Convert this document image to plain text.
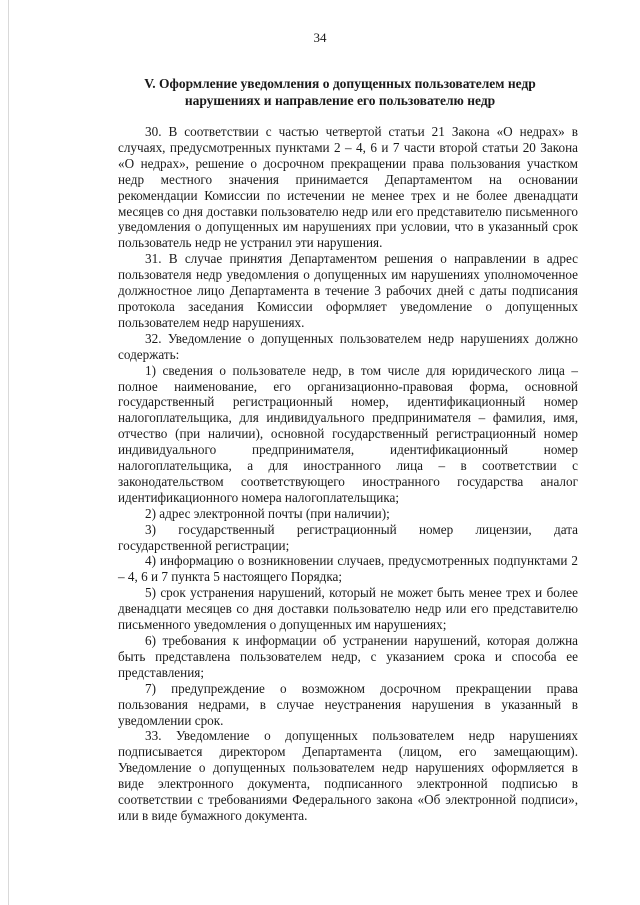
34
V. Оформление уведомления о допущенных пользователем недр
нарушениях и направление его пользователю недр

30. В соответствии с частью четвертой статьи 21 Закона «О недрах» в случаях, предусмотренных пунктами 2 – 4, 6 и 7 части второй статьи 20 Закона «О недрах», решение о досрочном прекращении права пользования участком недр местного значения принимается Департаментом на основании рекомендации Комиссии по истечении не менее трех и не более двенадцати месяцев со дня доставки пользователю недр или его представителю письменного уведомления о допущенных им нарушениях при условии, что в указанный срок пользователь недр не устранил эти нарушения.

31. В случае принятия Департаментом решения о направлении в адрес пользователя недр уведомления о допущенных им нарушениях уполномоченное должностное лицо Департамента в течение 3 рабочих дней с даты подписания протокола заседания Комиссии оформляет уведомление о допущенных пользователем недр нарушениях.

32. Уведомление о допущенных пользователем недр нарушениях должно содержать:

1) сведения о пользователе недр, в том числе для юридического лица – полное наименование, его организационно-правовая форма, основной государственный регистрационный номер, идентификационный номер налогоплательщика, для индивидуального предпринимателя – фамилия, имя, отчество (при наличии), основной государственный регистрационный номер индивидуального предпринимателя, идентификационный номер налогоплательщика, а для иностранного лица – в соответствии с законодательством соответствующего иностранного государства аналог идентификационного номера налогоплательщика;

2) адрес электронной почты (при наличии);

3) государственный регистрационный номер лицензии, дата государственной регистрации;

4) информацию о возникновении случаев, предусмотренных подпунктами 2 – 4, 6 и 7 пункта 5 настоящего Порядка;

5) срок устранения нарушений, который не может быть менее трех и более двенадцати месяцев со дня доставки пользователю недр или его представителю письменного уведомления о допущенных им нарушениях;

6) требования к информации об устранении нарушений, которая должна быть представлена пользователем недр, с указанием срока и способа ее представления;

7) предупреждение о возможном досрочном прекращении права пользования недрами, в случае неустранения нарушения в указанный в уведомлении срок.

33. Уведомление о допущенных пользователем недр нарушениях подписывается директором Департамента (лицом, его замещающим). Уведомление о допущенных пользователем недр нарушениях оформляется в виде электронного документа, подписанного электронной подписью в соответствии с требованиями Федерального закона «Об электронной подписи», или в виде бумажного документа.
